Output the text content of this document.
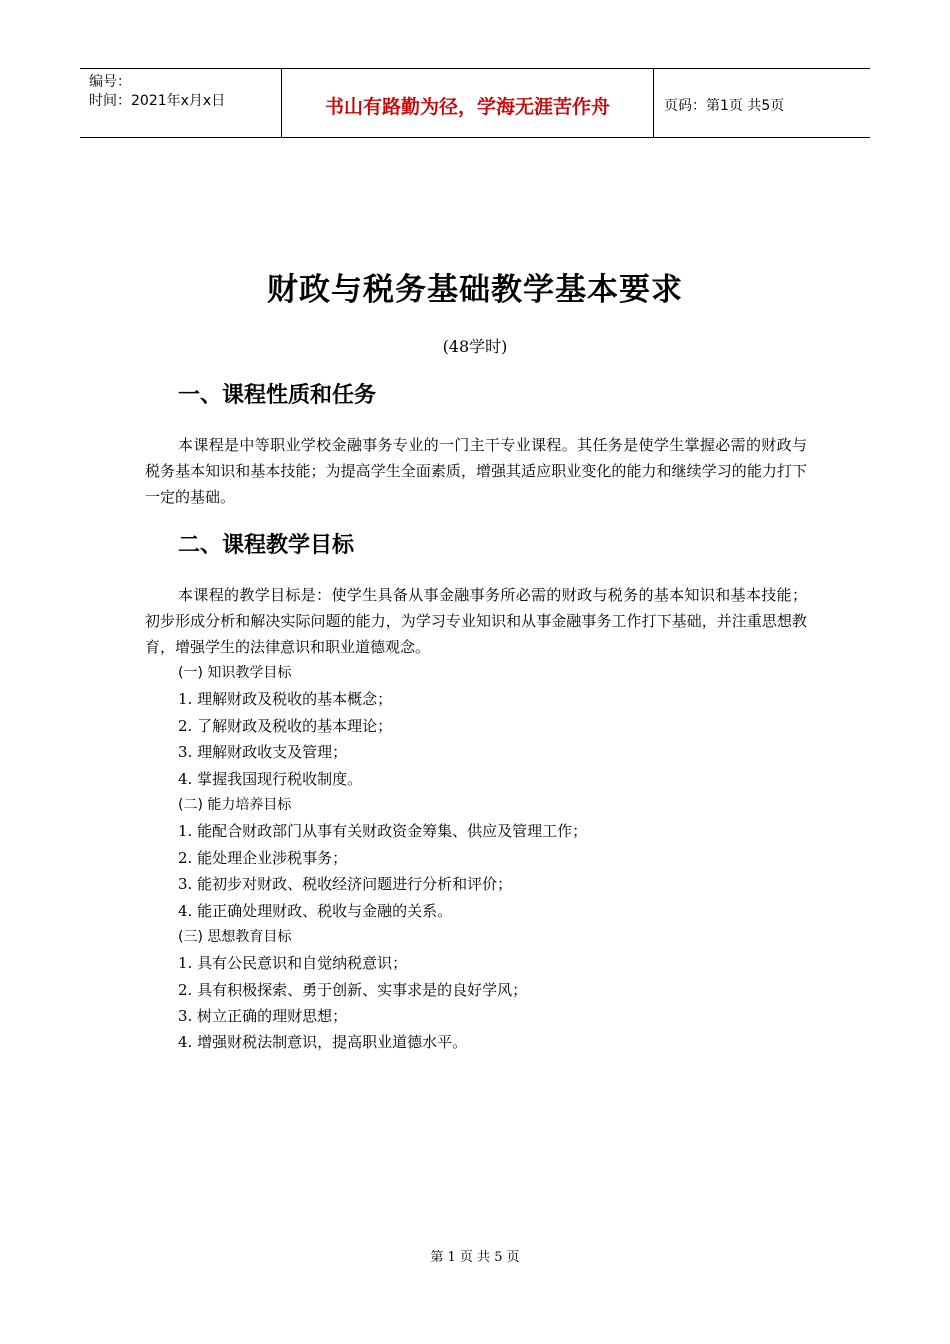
编号：
时间：2021年x月x日	书山有路勤为径，学海无涯苦作舟	页码：第1页 共5页
财政与税务基础教学基本要求
(48学时)
一、课程性质和任务
本课程是中等职业学校金融事务专业的一门主干专业课程。其任务是使学生掌握必需的财政与税务基本知识和基本技能；为提高学生全面素质，增强其适应职业变化的能力和继续学习的能力打下一定的基础。
二、课程教学目标
本课程的教学目标是：使学生具备从事金融事务所必需的财政与税务的基本知识和基本技能；初步形成分析和解决实际问题的能力，为学习专业知识和从事金融事务工作打下基础，并注重思想教育，增强学生的法律意识和职业道德观念。
(一) 知识教学目标
1. 理解财政及税收的基本概念；
2. 了解财政及税收的基本理论；
3. 理解财政收支及管理；
4. 掌握我国现行税收制度。
(二) 能力培养目标
1. 能配合财政部门从事有关财政资金筹集、供应及管理工作；
2. 能处理企业涉税事务；
3. 能初步对财政、税收经济问题进行分析和评价；
4. 能正确处理财政、税收与金融的关系。
(三) 思想教育目标
1. 具有公民意识和自觉纳税意识；
2. 具有积极探索、勇于创新、实事求是的良好学风；
3. 树立正确的理财思想；
4. 增强财税法制意识，提高职业道德水平。
第 1 页 共 5 页
